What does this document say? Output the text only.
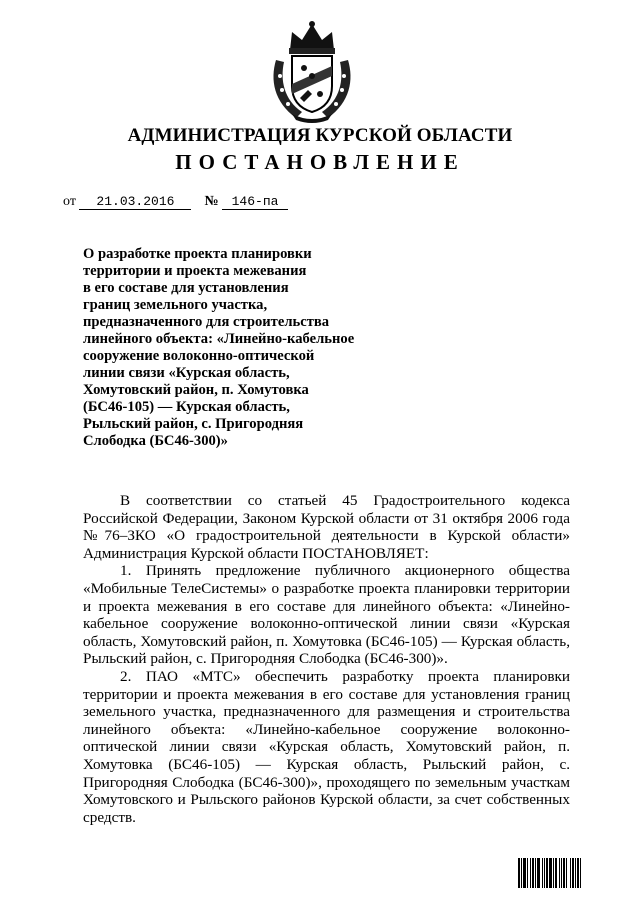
АДМИНИСТРАЦИЯ КУРСКОЙ ОБЛАСТИ
ПОСТАНОВЛЕНИЕ
от 21.03.2016 № 146-па
О разработке проекта планировки
территории и проекта межевания
в его составе для установления
границ земельного участка,
предназначенного для строительства
линейного объекта: «Линейно-кабельное
сооружение волоконно-оптической
линии связи «Курская область,
Хомутовский район, п. Хомутовка
(БС46-105) — Курская область,
Рыльский район, с. Пригородняя
Слободка (БС46-300)»

В соответствии со статьей 45 Градостроительного кодекса Российской Федерации, Законом Курской области от 31 октября 2006 года №76–ЗКО «О градостроительной деятельности в Курской области» Администрация Курской области ПОСТАНОВЛЯЕТ:

1. Принять предложение публичного акционерного общества «Мобильные ТелеСистемы» о разработке проекта планировки территории и проекта межевания в его составе для линейного объекта: «Линейно-кабельное сооружение волоконно-оптической линии связи «Курская область, Хомутовский район, п. Хомутовка (БС46-105) — Курская область, Рыльский район, с. Пригородняя Слободка (БС46-300)».

2. ПАО «МТС» обеспечить разработку проекта планировки территории и проекта межевания в его составе для установления границ земельного участка, предназначенного для размещения и строительства линейного объекта: «Линейно-кабельное сооружение волоконно-оптической линии связи «Курская область, Хомутовский район, п. Хомутовка (БС46-105) — Курская область, Рыльский район, с. Пригородняя Слободка (БС46-300)», проходящего по земельным участкам Хомутовского и Рыльского районов Курской области, за счет собственных средств.
